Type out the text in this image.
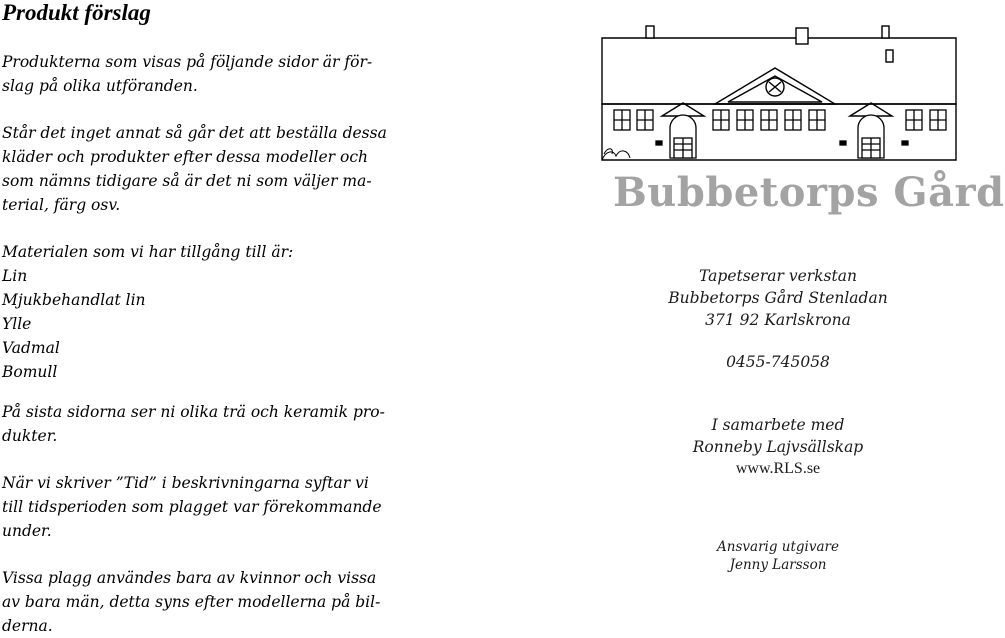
Produkt förslag

Produkterna som visas på följande sidor är för-
slag på olika utföranden.

Står det inget annat så går det att beställa dessa
kläder och produkter efter dessa modeller och
som nämns tidigare så är det ni som väljer ma-
terial, färg osv.

Materialen som vi har tillgång till är:
Lin
Mjukbehandlat lin
Ylle
Vadmal
Bomull

På sista sidorna ser ni olika trä och keramik pro-
dukter.

När vi skriver ”Tid” i beskrivningarna syftar vi
till tidsperioden som plagget var förekommande
under.

Vissa plagg användes bara av kvinnor och vissa
av bara män, detta syns efter modellerna på bil-
derna.

Bubbetorps Gård
Tapetserar verkstan
Bubbetorps Gård Stenladan
371 92 Karlskrona
0455-745058
I samarbete med
Ronneby Lajvsällskap
www.RLS.se
Ansvarig utgivare
Jenny Larsson
